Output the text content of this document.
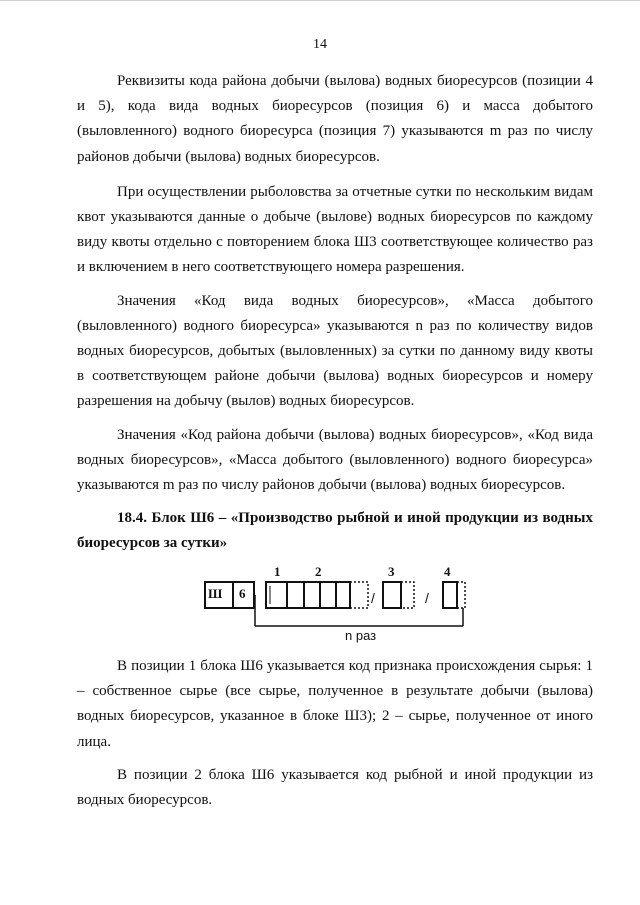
14

Реквизиты кода района добычи (вылова) водных биоресурсов (позиции 4 и 5), кода вида водных биоресурсов (позиция 6) и масса добытого (выловленного) водного биоресурса (позиция 7) указываются m раз по числу районов добычи (вылова) водных биоресурсов.

При осуществлении рыболовства за отчетные сутки по нескольким видам квот указываются данные о добыче (вылове) водных биоресурсов по каждому виду квоты отдельно с повторением блока Ш3 соответствующее количество раз и включением в него соответствующего номера разрешения.

Значения «Код вида водных биоресурсов», «Масса добытого (выловленного) водного биоресурса» указываются n раз по количеству видов водных биоресурсов, добытых (выловленных) за сутки по данному виду квоты в соответствующем районе добычи (вылова) водных биоресурсов и номеру разрешения на добычу (вылов) водных биоресурсов.

Значения «Код района добычи (вылова) водных биоресурсов», «Код вида водных биоресурсов», «Масса добытого (выловленного) водного биоресурса» указываются m раз по числу районов добычи (вылова) водных биоресурсов.

18.4. Блок Ш6 – «Производство рыбной и иной продукции из водных биоресурсов за сутки»

Ш 6
1	2	3	4
/	/
n раз

В позиции 1 блока Ш6 указывается код признака происхождения сырья: 1 – собственное сырье (все сырье, полученное в результате добычи (вылова) водных биоресурсов, указанное в блоке Ш3); 2 – сырье, полученное от иного лица.

В позиции 2 блока Ш6 указывается код рыбной и иной продукции из водных биоресурсов.
